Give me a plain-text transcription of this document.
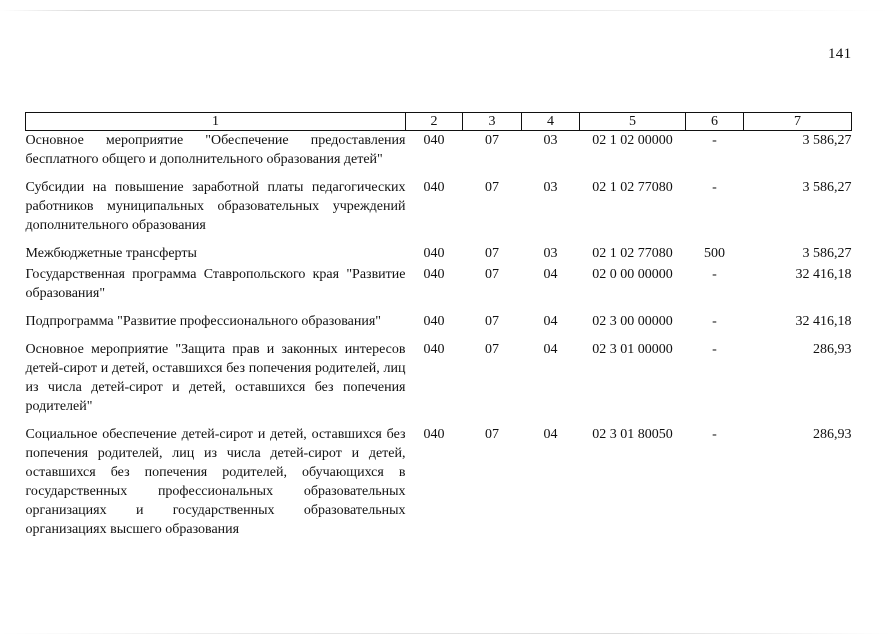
141
1	2	3	4	5	6	7
Основное мероприятие "Обеспечение предоставления бесплатного общего и дополнительного образования детей"	040	07	03	02 1 02 00000	-	3 586,27
Субсидии на повышение заработной платы педагогических работников муниципальных образовательных учреждений дополнительного образования	040	07	03	02 1 02 77080	-	3 586,27
Межбюджетные трансферты	040	07	03	02 1 02 77080	500	3 586,27
Государственная программа Ставропольского края "Развитие образования"	040	07	04	02 0 00 00000	-	32 416,18
Подпрограмма "Развитие профессионального образования"	040	07	04	02 3 00 00000	-	32 416,18
Основное мероприятие "Защита прав и законных интересов детей-сирот и детей, оставшихся без попечения родителей, лиц из числа детей-сирот и детей, оставшихся без попечения родителей"	040	07	04	02 3 01 00000	-	286,93
Социальное обеспечение детей-сирот и детей, оставшихся без попечения родителей, лиц из числа детей-сирот и детей, оставшихся без попечения родителей, обучающихся в государственных профессиональных образовательных организациях и государственных образовательных организациях высшего образования	040	07	04	02 3 01 80050	-	286,93
